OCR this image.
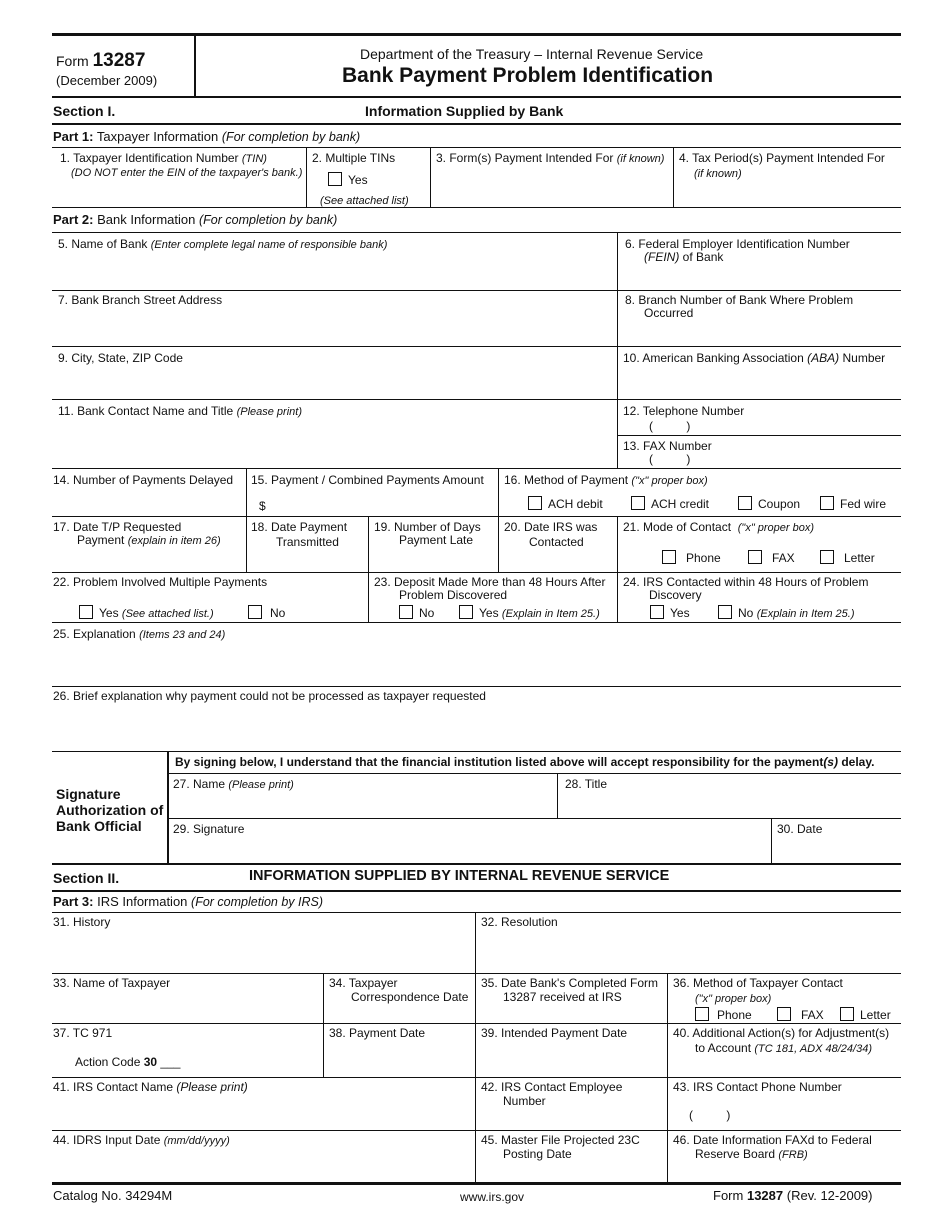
Form 13287
(December 2009)
Department of the Treasury – Internal Revenue Service
Bank Payment Problem Identification
Section I.	Information Supplied by Bank
Part 1: Taxpayer Information (For completion by bank)
1. Taxpayer Identification Number (TIN)
(DO NOT enter the EIN of the taxpayer's bank.)
2. Multiple TINs
Yes
(See attached list)
3. Form(s) Payment Intended For (if known) 4. Tax Period(s) Payment Intended For
(if known)
Part 2: Bank Information (For completion by bank)
5. Name of Bank (Enter complete legal name of responsible bank)	6. Federal Employer Identification Number
(FEIN) of Bank
7. Bank Branch Street Address	8. Branch Number of Bank Where Problem
Occurred
9. City, State, ZIP Code	10. American Banking Association (ABA) Number
11. Bank Contact Name and Title (Please print)	12. Telephone Number
(          )
13. FAX Number
(          )
14. Number of Payments Delayed 15. Payment / Combined Payments Amount
$
16. Method of Payment ("x" proper box)
ACH debit	ACH credit	Coupon	Fed wire
17. Date T/P Requested
Payment (explain in item 26)
18. Date Payment
Transmitted
19. Number of Days
Payment Late
20. Date IRS was
Contacted
21. Mode of Contact ("x" proper box)
Phone	FAX	Letter
22. Problem Involved Multiple Payments
Yes (See attached list.)	No
23. Deposit Made More than 48 Hours After
Problem Discovered
No	Yes (Explain in Item 25.)
24. IRS Contacted within 48 Hours of Problem
Discovery
Yes	No (Explain in Item 25.)
25. Explanation (Items 23 and 24)
26. Brief explanation why payment could not be processed as taxpayer requested
Signature
Authorization of
Bank Official
By signing below, I understand that the financial institution listed above will accept responsibility for the payment(s) delay.
27. Name (Please print)	28. Title
29. Signature	30. Date
Section II.	INFORMATION SUPPLIED BY INTERNAL REVENUE SERVICE
Part 3: IRS Information (For completion by IRS)
31. History	32. Resolution
33. Name of Taxpayer	34. Taxpayer
Correspondence Date
35. Date Bank's Completed Form
13287 received at IRS
36. Method of Taxpayer Contact
("x" proper box)
Phone	FAX	Letter
37. TC 971
Action Code 30 ___
38. Payment Date	39. Intended Payment Date	40. Additional Action(s) for Adjustment(s)
to Account (TC 181, ADX 48/24/34)
41. IRS Contact Name (Please print)	42. IRS Contact Employee
Number
43. IRS Contact Phone Number
(          )
44. IDRS Input Date (mm/dd/yyyy)	45. Master File Projected 23C
Posting Date
46. Date Information FAXd to Federal
Reserve Board (FRB)
Catalog No. 34294M	www.irs.gov	Form 13287 (Rev. 12-2009)
